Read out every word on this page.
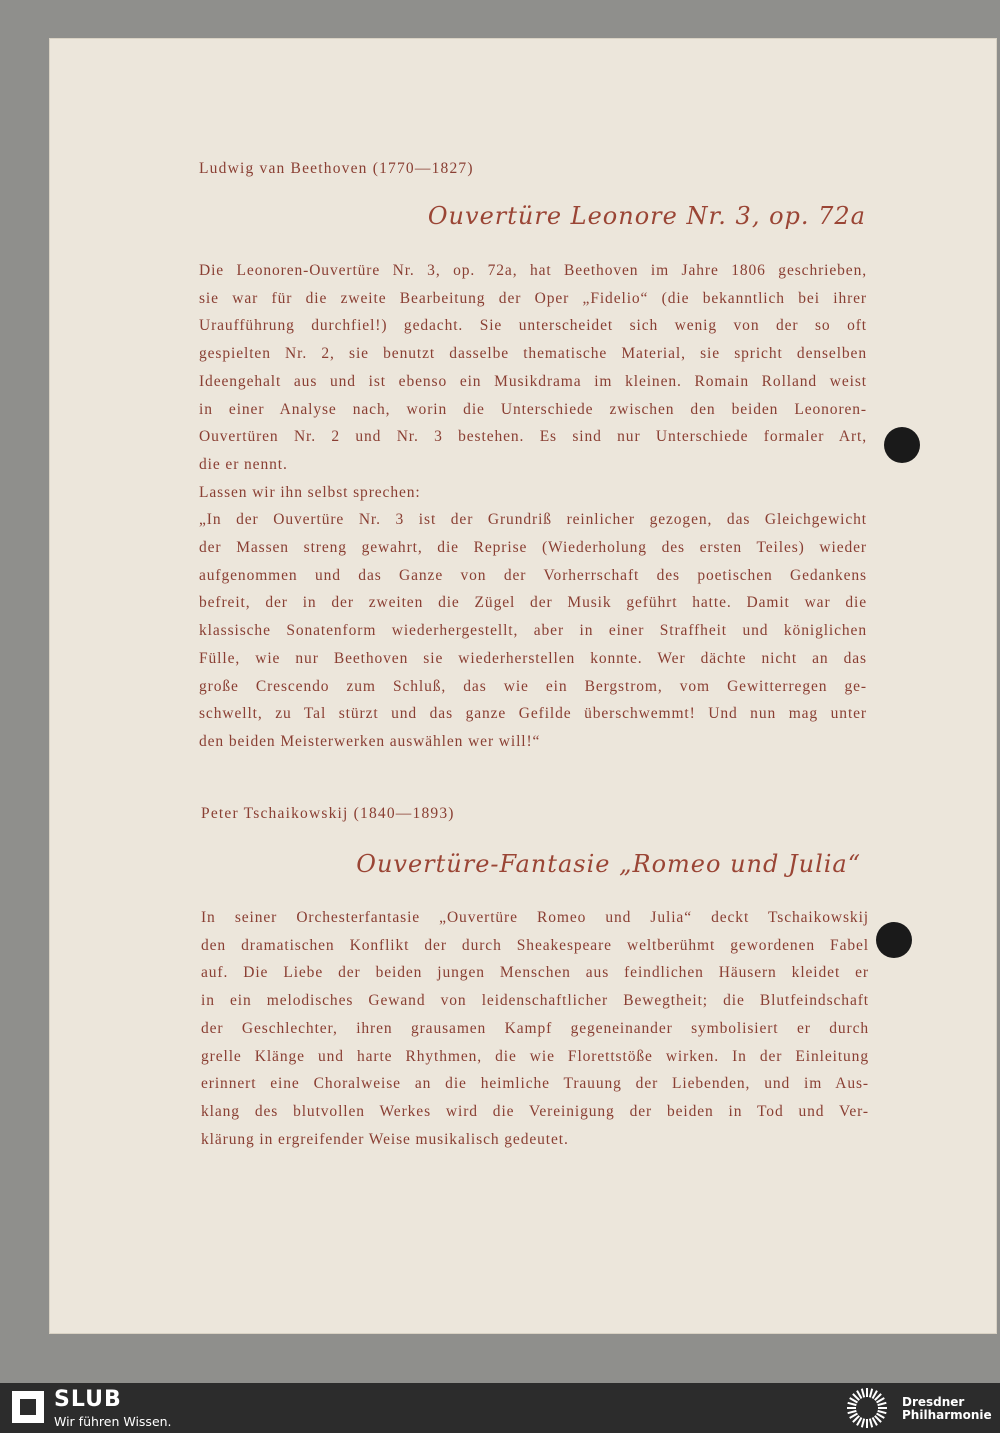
Ludwig van Beethoven (1770—1827)
Ouvertüre Leonore Nr. 3, op. 72a
Die Leonoren-Ouvertüre Nr. 3, op. 72a, hat Beethoven im Jahre 1806 geschrieben,
sie war für die zweite Bearbeitung der Oper „Fidelio“ (die bekanntlich bei ihrer
Uraufführung durchfiel!) gedacht. Sie unterscheidet sich wenig von der so oft
gespielten Nr. 2, sie benutzt dasselbe thematische Material, sie spricht denselben
Ideengehalt aus und ist ebenso ein Musikdrama im kleinen. Romain Rolland weist
in einer Analyse nach, worin die Unterschiede zwischen den beiden Leonoren-
Ouvertüren Nr. 2 und Nr. 3 bestehen. Es sind nur Unterschiede formaler Art,
die er nennt.
Lassen wir ihn selbst sprechen:
„In der Ouvertüre Nr. 3 ist der Grundriß reinlicher gezogen, das Gleichgewicht
der Massen streng gewahrt, die Reprise (Wiederholung des ersten Teiles) wieder
aufgenommen und das Ganze von der Vorherrschaft des poetischen Gedankens
befreit, der in der zweiten die Zügel der Musik geführt hatte. Damit war die
klassische Sonatenform wiederhergestellt, aber in einer Straffheit und königlichen
Fülle, wie nur Beethoven sie wiederherstellen konnte. Wer dächte nicht an das
große Crescendo zum Schluß, das wie ein Bergstrom, vom Gewitterregen ge-
schwellt, zu Tal stürzt und das ganze Gefilde überschwemmt! Und nun mag unter
den beiden Meisterwerken auswählen wer will!“
Peter Tschaikowskij (1840—1893)
Ouvertüre-Fantasie „Romeo und Julia“
In seiner Orchesterfantasie „Ouvertüre Romeo und Julia“ deckt Tschaikowskij
den dramatischen Konflikt der durch Sheakespeare weltberühmt gewordenen Fabel
auf. Die Liebe der beiden jungen Menschen aus feindlichen Häusern kleidet er
in ein melodisches Gewand von leidenschaftlicher Bewegtheit; die Blutfeindschaft
der Geschlechter, ihren grausamen Kampf gegeneinander symbolisiert er durch
grelle Klänge und harte Rhythmen, die wie Florettstöße wirken. In der Einleitung
erinnert eine Choralweise an die heimliche Trauung der Liebenden, und im Aus-
klang des blutvollen Werkes wird die Vereinigung der beiden in Tod und Ver-
klärung in ergreifender Weise musikalisch gedeutet.
SLUB
Wir führen Wissen.
Dresdner
Philharmonie
